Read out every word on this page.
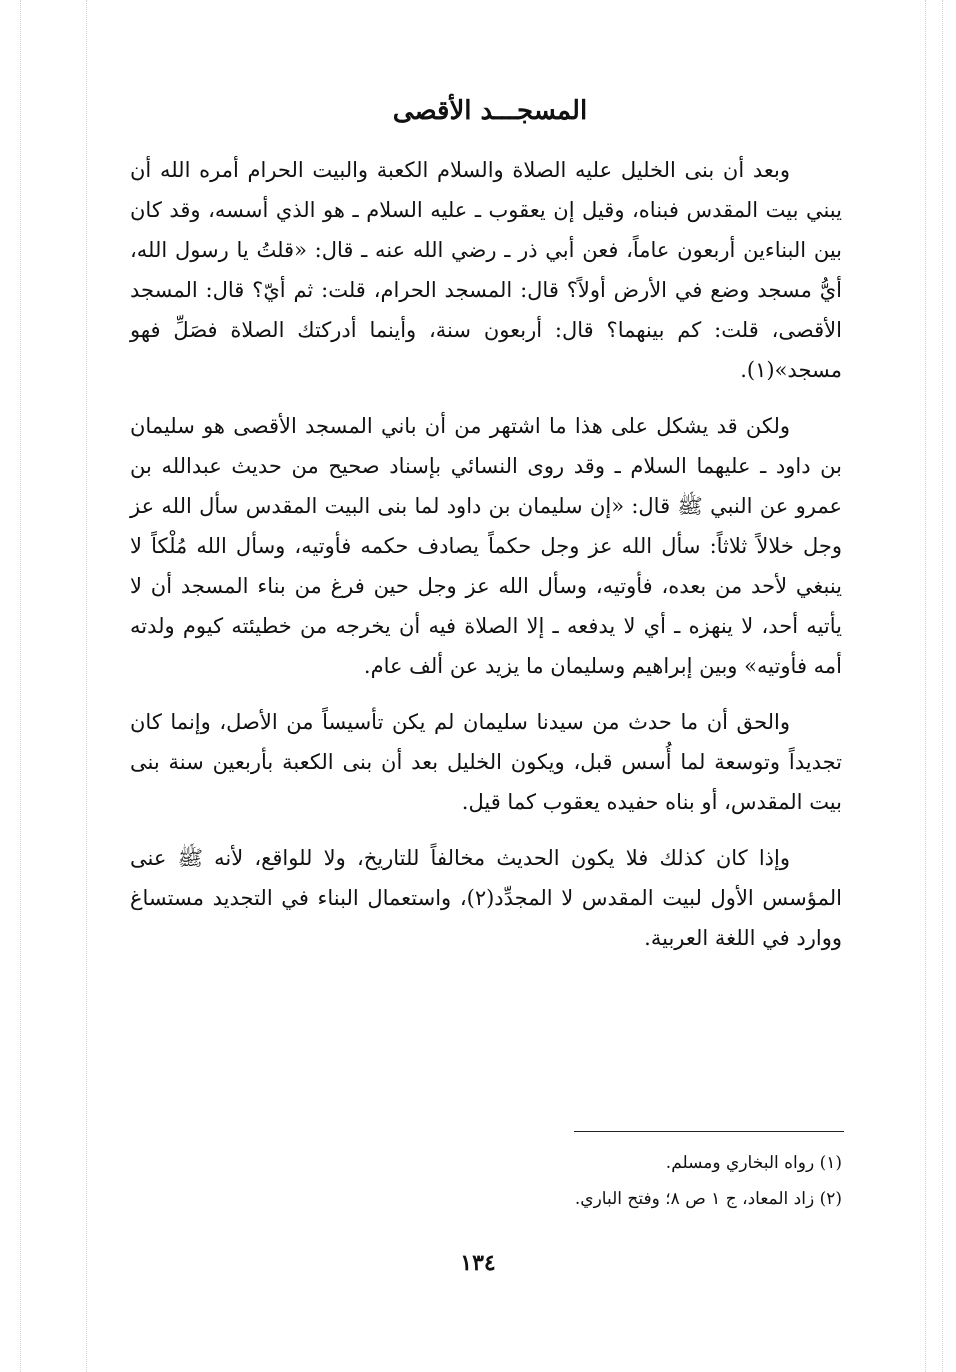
المسجـــد الأقصى

وبعد أن بنى الخليل عليه الصلاة والسلام الكعبة والبيت الحرام أمره الله أن يبني بيت المقدس فبناه، وقيل إن يعقوب ـ عليه السلام ـ هو الذي أسسه، وقد كان بين البناءين أربعون عاماً، فعن أبي ذر ـ رضي الله عنه ـ قال: «قلتُ يا رسول الله، أيُّ مسجد وضع في الأرض أولاً؟ قال: المسجد الحرام، قلت: ثم أيّ؟ قال: المسجد الأقصى، قلت: كم بينهما؟ قال: أربعون سنة، وأينما أدركتك الصلاة فصَلِّ فهو مسجد»(١).

ولكن قد يشكل على هذا ما اشتهر من أن باني المسجد الأقصى هو سليمان بن داود ـ عليهما السلام ـ وقد روى النسائي بإسناد صحيح من حديث عبدالله بن عمرو عن النبي ﷺ قال: «إن سليمان بن داود لما بنى البيت المقدس سأل الله عز وجل خلالاً ثلاثاً: سأل الله عز وجل حكماً يصادف حكمه فأوتيه، وسأل الله مُلْكاً لا ينبغي لأحد من بعده، فأوتيه، وسأل الله عز وجل حين فرغ من بناء المسجد أن لا يأتيه أحد، لا ينهزه ـ أي لا يدفعه ـ إلا الصلاة فيه أن يخرجه من خطيئته كيوم ولدته أمه فأوتيه» وبين إبراهيم وسليمان ما يزيد عن ألف عام.

والحق أن ما حدث من سيدنا سليمان لم يكن تأسيساً من الأصل، وإنما كان تجديداً وتوسعة لما أُسس قبل، ويكون الخليل بعد أن بنى الكعبة بأربعين سنة بنى بيت المقدس، أو بناه حفيده يعقوب كما قيل.

وإذا كان كذلك فلا يكون الحديث مخالفاً للتاريخ، ولا للواقع، لأنه ﷺ عنى المؤسس الأول لبيت المقدس لا المجدِّد(٢)، واستعمال البناء في التجديد مستساغ ووارد في اللغة العربية.

(١) رواه البخاري ومسلم.
(٢) زاد المعاد، ج ١ ص ٨؛ وفتح الباري.
١٣٤
